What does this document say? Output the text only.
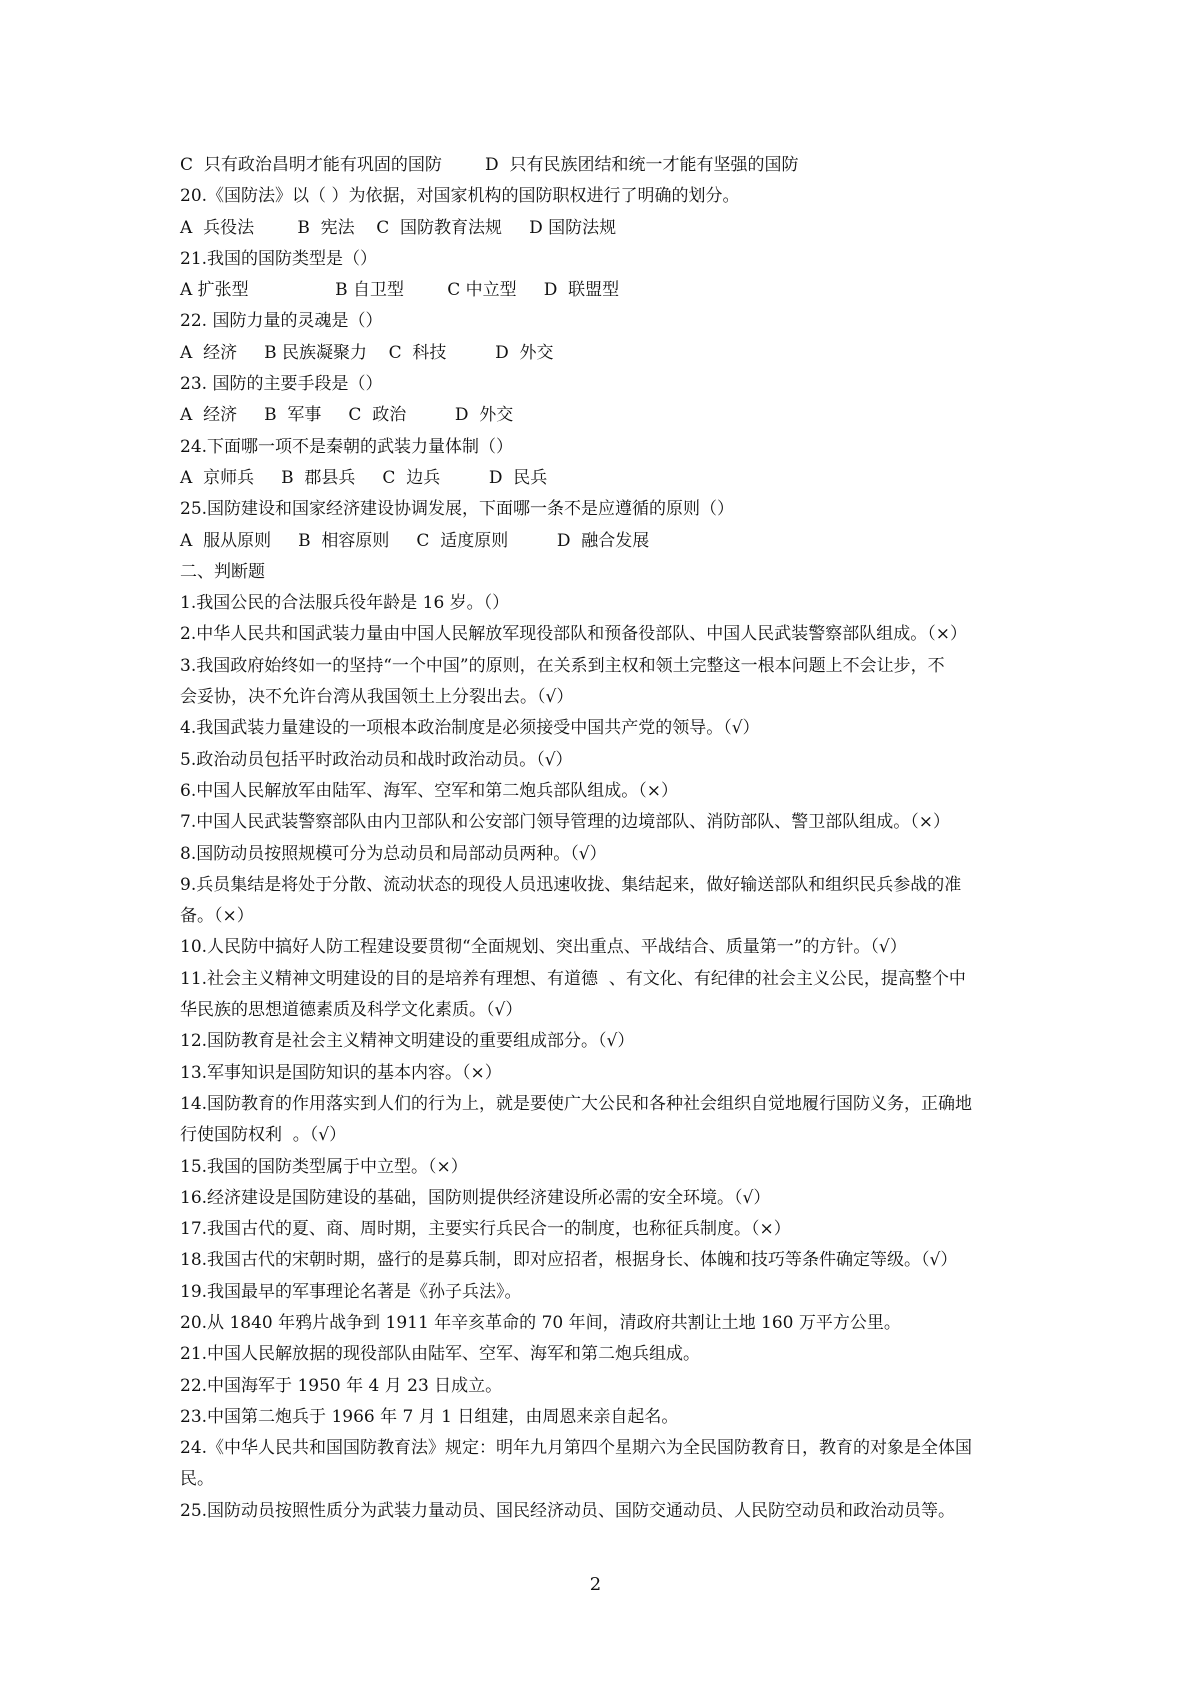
C  只有政治昌明才能有巩固的国防        D  只有民族团结和统一才能有坚强的国防
20.《国防法》以（ ）为依据，对国家机构的国防职权进行了明确的划分。
A  兵役法        B  宪法    C  国防教育法规     D 国防法规
21.我国的国防类型是（）
A 扩张型                B 自卫型        C 中立型     D  联盟型
22. 国防力量的灵魂是（）
A  经济     B 民族凝聚力    C  科技         D  外交
23. 国防的主要手段是（）
A  经济     B  军事     C  政治         D  外交
24.下面哪一项不是秦朝的武装力量体制（）
A  京师兵     B  郡县兵     C  边兵         D  民兵
25.国防建设和国家经济建设协调发展，下面哪一条不是应遵循的原则（）
A  服从原则     B  相容原则     C  适度原则         D  融合发展
二、判断题
1.我国公民的合法服兵役年龄是 16 岁。（）
2.中华人民共和国武装力量由中国人民解放军现役部队和预备役部队、中国人民武装警察部队组成。（×）
3.我国政府始终如一的坚持“一个中国”的原则，在关系到主权和领土完整这一根本问题上不会让步，不
会妥协，决不允许台湾从我国领土上分裂出去。（√）
4.我国武装力量建设的一项根本政治制度是必须接受中国共产党的领导。（√）
5.政治动员包括平时政治动员和战时政治动员。（√）
6.中国人民解放军由陆军、海军、空军和第二炮兵部队组成。（×）
7.中国人民武装警察部队由内卫部队和公安部门领导管理的边境部队、消防部队、警卫部队组成。（×）
8.国防动员按照规模可分为总动员和局部动员两种。（√）
9.兵员集结是将处于分散、流动状态的现役人员迅速收拢、集结起来，做好输送部队和组织民兵参战的准
备。（×）
10.人民防中搞好人防工程建设要贯彻“全面规划、突出重点、平战结合、质量第一”的方针。（√）
11.社会主义精神文明建设的目的是培养有理想、有道德  、有文化、有纪律的社会主义公民，提高整个中
华民族的思想道德素质及科学文化素质。（√）
12.国防教育是社会主义精神文明建设的重要组成部分。（√）
13.军事知识是国防知识的基本内容。（×）
14.国防教育的作用落实到人们的行为上，就是要使广大公民和各种社会组织自觉地履行国防义务，正确地
行使国防权利  。（√）
15.我国的国防类型属于中立型。（×）
16.经济建设是国防建设的基础，国防则提供经济建设所必需的安全环境。（√）
17.我国古代的夏、商、周时期，主要实行兵民合一的制度，也称征兵制度。（×）
18.我国古代的宋朝时期，盛行的是募兵制，即对应招者，根据身长、体魄和技巧等条件确定等级。（√）
19.我国最早的军事理论名著是《孙子兵法》。
20.从 1840 年鸦片战争到 1911 年辛亥革命的 70 年间，清政府共割让土地 160 万平方公里。
21.中国人民解放据的现役部队由陆军、空军、海军和第二炮兵组成。
22.中国海军于 1950 年 4 月 23 日成立。
23.中国第二炮兵于 1966 年 7 月 1 日组建，由周恩来亲自起名。
24.《中华人民共和国国防教育法》规定：明年九月第四个星期六为全民国防教育日，教育的对象是全体国
民。
25.国防动员按照性质分为武装力量动员、国民经济动员、国防交通动员、人民防空动员和政治动员等。
2
